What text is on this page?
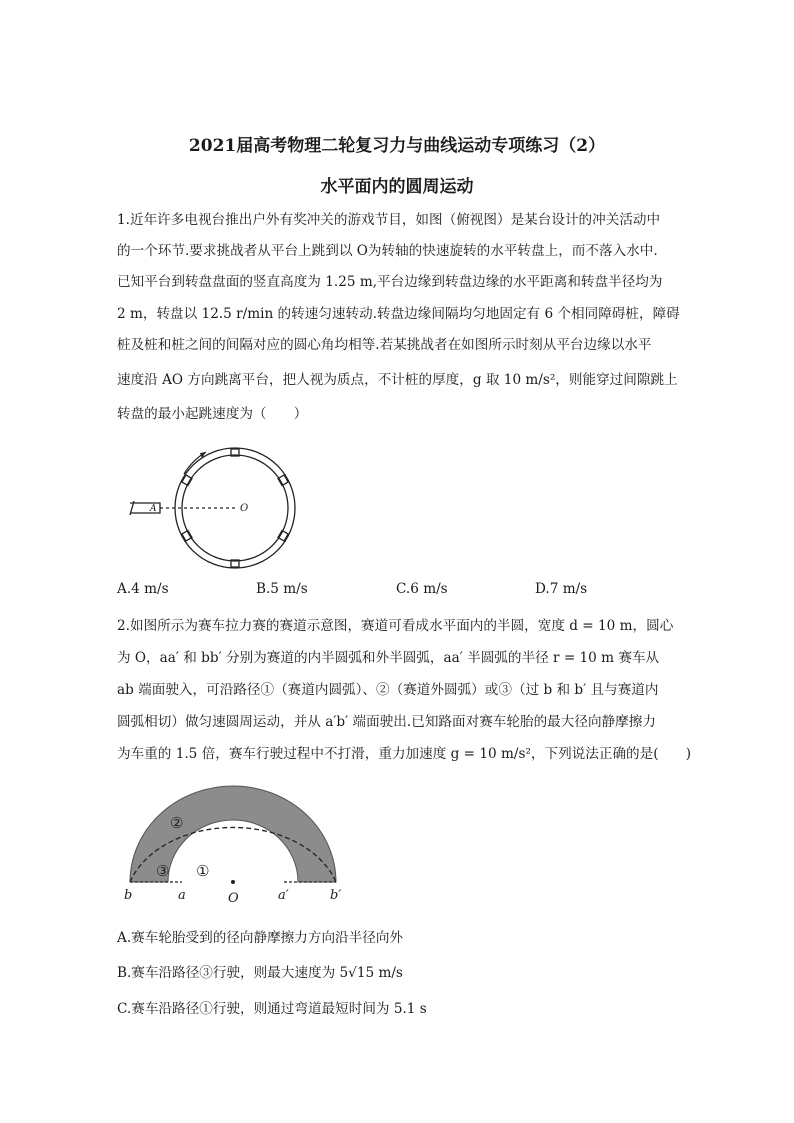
2021届高考物理二轮复习力与曲线运动专项练习（2）
水平面内的圆周运动
1.近年许多电视台推出户外有奖冲关的游戏节目，如图（俯视图）是某台设计的冲关活动中
的一个环节.要求挑战者从平台上跳到以 O为转轴的快速旋转的水平转盘上，而不落入水中.
已知平台到转盘盘面的竖直高度为 1.25 m,平台边缘到转盘边缘的水平距离和转盘半径均为
2 m，转盘以 12.5 r/min 的转速匀速转动.转盘边缘间隔均匀地固定有 6 个相同障碍桩，障碍
桩及桩和桩之间的间隔对应的圆心角均相等.若某挑战者在如图所示时刻从平台边缘以水平
速度沿 AO 方向跳离平台，把人视为质点，不计桩的厚度，g 取 10 m/s²，则能穿过间隙跳上
转盘的最小起跳速度为（　　）
A	O
A.4 m/s	B.5 m/s	C.6 m/s	D.7 m/s
2.如图所示为赛车拉力赛的赛道示意图，赛道可看成水平面内的半圆，宽度 d = 10 m，圆心
为 O，aa′ 和 bb′ 分别为赛道的内半圆弧和外半圆弧，aa′ 半圆弧的半径 r = 10 m 赛车从
ab 端面驶入，可沿路径①（赛道内圆弧）、②（赛道外圆弧）或③（过 b 和 b′ 且与赛道内
圆弧相切）做匀速圆周运动，并从 a′b′ 端面驶出.已知路面对赛车轮胎的最大径向静摩擦力
为车重的 1.5 倍，赛车行驶过程中不打滑，重力加速度 g = 10 m/s²，下列说法正确的是(　　)
②
③ ①
b	a	O	a′	b′
A.赛车轮胎受到的径向静摩擦力方向沿半径向外
B.赛车沿路径③行驶，则最大速度为 5√15 m/s
C.赛车沿路径①行驶，则通过弯道最短时间为 5.1 s
